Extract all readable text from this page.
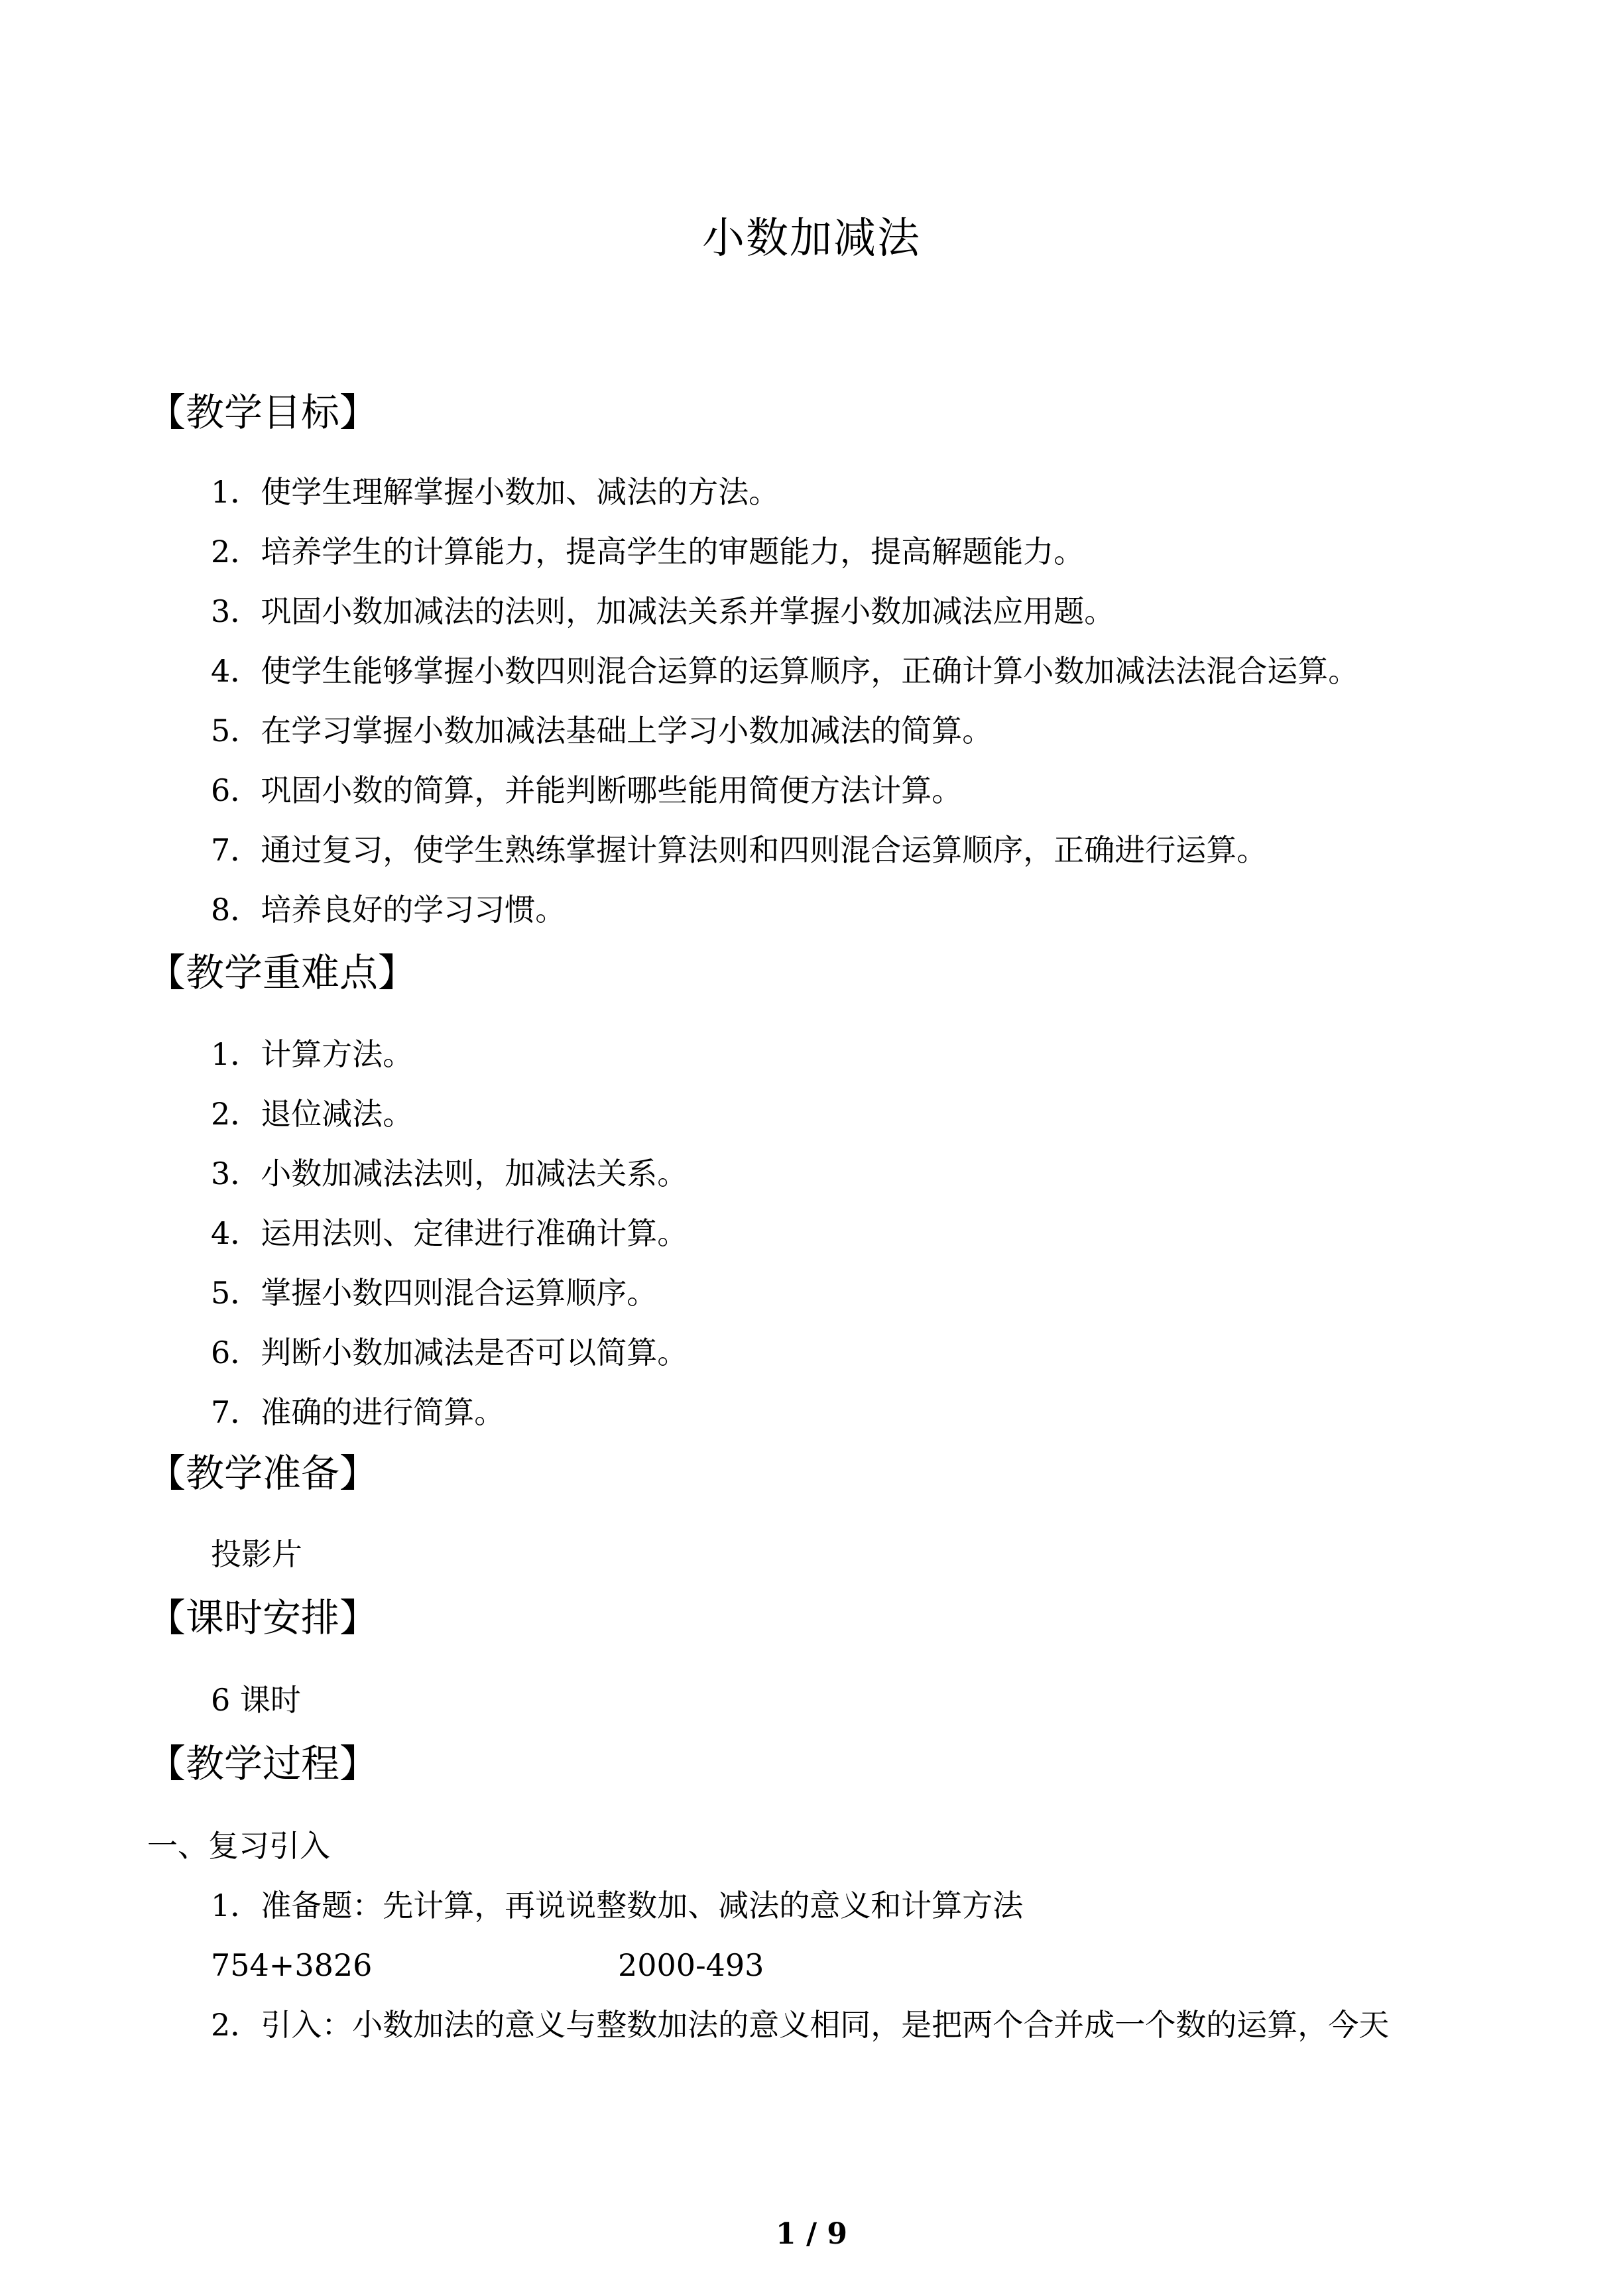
小数加减法
【教学目标】
1．使学生理解掌握小数加、减法的方法。
2．培养学生的计算能力，提高学生的审题能力，提高解题能力。
3．巩固小数加减法的法则，加减法关系并掌握小数加减法应用题。
4．使学生能够掌握小数四则混合运算的运算顺序，正确计算小数加减法法混合运算。
5．在学习掌握小数加减法基础上学习小数加减法的简算。
6．巩固小数的简算，并能判断哪些能用简便方法计算。
7．通过复习，使学生熟练掌握计算法则和四则混合运算顺序，正确进行运算。
8．培养良好的学习习惯。
【教学重难点】
1．计算方法。
2．退位减法。
3．小数加减法法则，加减法关系。
4．运用法则、定律进行准确计算。
5．掌握小数四则混合运算顺序。
6．判断小数加减法是否可以简算。
7．准确的进行简算。
【教学准备】
投影片
【课时安排】
6 课时
【教学过程】
一、复习引入
1．准备题：先计算，再说说整数加、减法的意义和计算方法
754+3826	2000-493
2．引入：小数加法的意义与整数加法的意义相同，是把两个合并成一个数的运算，今天
1 / 9
